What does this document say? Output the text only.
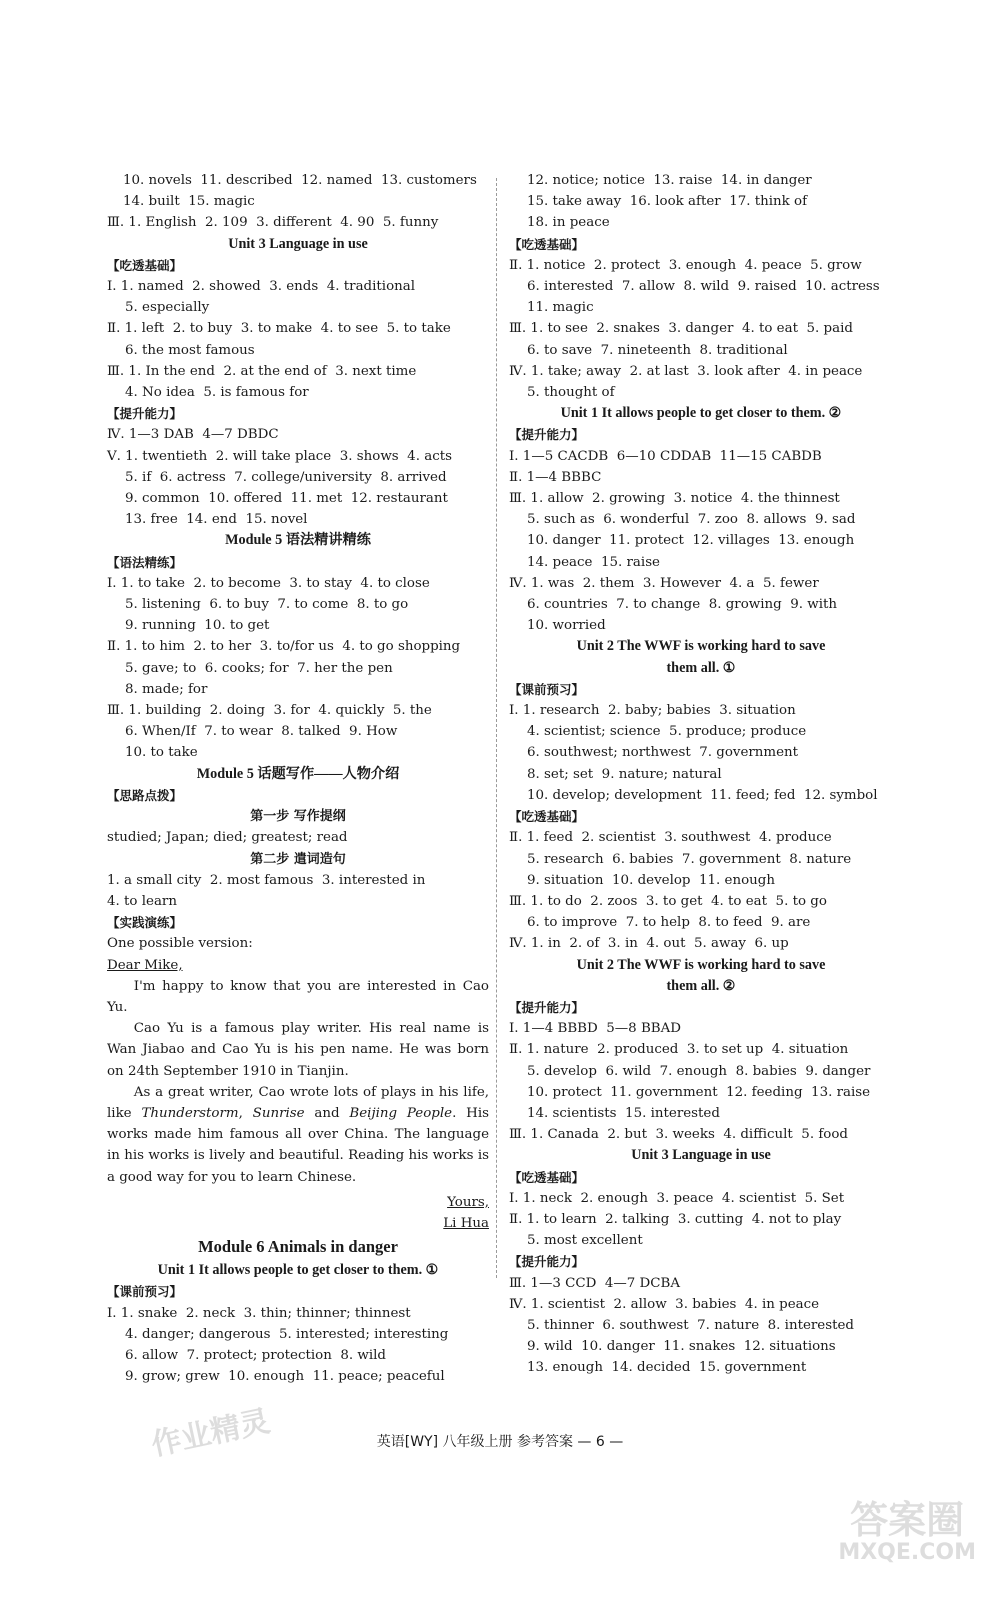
10. novels  11. described  12. named  13. customers
14. built  15. magic
Ⅲ. 1. English  2. 109  3. different  4. 90  5. funny
Unit 3 Language in use
【吃透基础】
Ⅰ. 1. named  2. showed  3. ends  4. traditional
5. especially
Ⅱ. 1. left  2. to buy  3. to make  4. to see  5. to take
6. the most famous
Ⅲ. 1. In the end  2. at the end of  3. next time
4. No idea  5. is famous for
【提升能力】
Ⅳ. 1—3 DAB  4—7 DBDC
Ⅴ. 1. twentieth  2. will take place  3. shows  4. acts
5. if  6. actress  7. college/university  8. arrived
9. common  10. offered  11. met  12. restaurant
13. free  14. end  15. novel
Module 5 语法精讲精练
【语法精练】
Ⅰ. 1. to take  2. to become  3. to stay  4. to close
5. listening  6. to buy  7. to come  8. to go
9. running  10. to get
Ⅱ. 1. to him  2. to her  3. to/for us  4. to go shopping
5. gave; to  6. cooks; for  7. her the pen
8. made; for
Ⅲ. 1. building  2. doing  3. for  4. quickly  5. the
6. When/If  7. to wear  8. talked  9. How
10. to take
Module 5 话题写作——人物介绍
【思路点拨】
第一步 写作提纲
studied; Japan; died; greatest; read
第二步 遣词造句
1. a small city  2. most famous  3. interested in
4. to learn
【实践演练】
One possible version:
Dear Mike,
I'm happy to know that you are interested in Cao Yu.
Cao Yu is a famous play writer. His real name is Wan Jiabao and Cao Yu is his pen name. He was born on 24th September 1910 in Tianjin.
As a great writer, Cao wrote lots of plays in his life, like Thunderstorm, Sunrise and Beijing People. His works made him famous all over China. The language in his works is lively and beautiful. Reading his works is a good way for you to learn Chinese.
Yours,
Li Hua
Module 6 Animals in danger
Unit 1 It allows people to get closer to them. ①
【课前预习】
Ⅰ. 1. snake  2. neck  3. thin; thinner; thinnest
4. danger; dangerous  5. interested; interesting
6. allow  7. protect; protection  8. wild
9. grow; grew  10. enough  11. peace; peaceful
12. notice; notice  13. raise  14. in danger
15. take away  16. look after  17. think of
18. in peace
【吃透基础】
Ⅱ. 1. notice  2. protect  3. enough  4. peace  5. grow
6. interested  7. allow  8. wild  9. raised  10. actress
11. magic
Ⅲ. 1. to see  2. snakes  3. danger  4. to eat  5. paid
6. to save  7. nineteenth  8. traditional
Ⅳ. 1. take; away  2. at last  3. look after  4. in peace
5. thought of
Unit 1 It allows people to get closer to them. ②
【提升能力】
Ⅰ. 1—5 CACDB  6—10 CDDAB  11—15 CABDB
Ⅱ. 1—4 BBBC
Ⅲ. 1. allow  2. growing  3. notice  4. the thinnest
5. such as  6. wonderful  7. zoo  8. allows  9. sad
10. danger  11. protect  12. villages  13. enough
14. peace  15. raise
Ⅳ. 1. was  2. them  3. However  4. a  5. fewer
6. countries  7. to change  8. growing  9. with
10. worried
Unit 2 The WWF is working hard to save
them all. ①
【课前预习】
Ⅰ. 1. research  2. baby; babies  3. situation
4. scientist; science  5. produce; produce
6. southwest; northwest  7. government
8. set; set  9. nature; natural
10. develop; development  11. feed; fed  12. symbol
【吃透基础】
Ⅱ. 1. feed  2. scientist  3. southwest  4. produce
5. research  6. babies  7. government  8. nature
9. situation  10. develop  11. enough
Ⅲ. 1. to do  2. zoos  3. to get  4. to eat  5. to go
6. to improve  7. to help  8. to feed  9. are
Ⅳ. 1. in  2. of  3. in  4. out  5. away  6. up
Unit 2 The WWF is working hard to save
them all. ②
【提升能力】
Ⅰ. 1—4 BBBD  5—8 BBAD
Ⅱ. 1. nature  2. produced  3. to set up  4. situation
5. develop  6. wild  7. enough  8. babies  9. danger
10. protect  11. government  12. feeding  13. raise
14. scientists  15. interested
Ⅲ. 1. Canada  2. but  3. weeks  4. difficult  5. food
Unit 3 Language in use
【吃透基础】
Ⅰ. 1. neck  2. enough  3. peace  4. scientist  5. Set
Ⅱ. 1. to learn  2. talking  3. cutting  4. not to play
5. most excellent
【提升能力】
Ⅲ. 1—3 CCD  4—7 DCBA
Ⅳ. 1. scientist  2. allow  3. babies  4. in peace
5. thinner  6. southwest  7. nature  8. interested
9. wild  10. danger  11. snakes  12. situations
13. enough  14. decided  15. government
英语[WY] 八年级上册 参考答案 — 6 —
作业精灵
答案圈
MXQE.COM
